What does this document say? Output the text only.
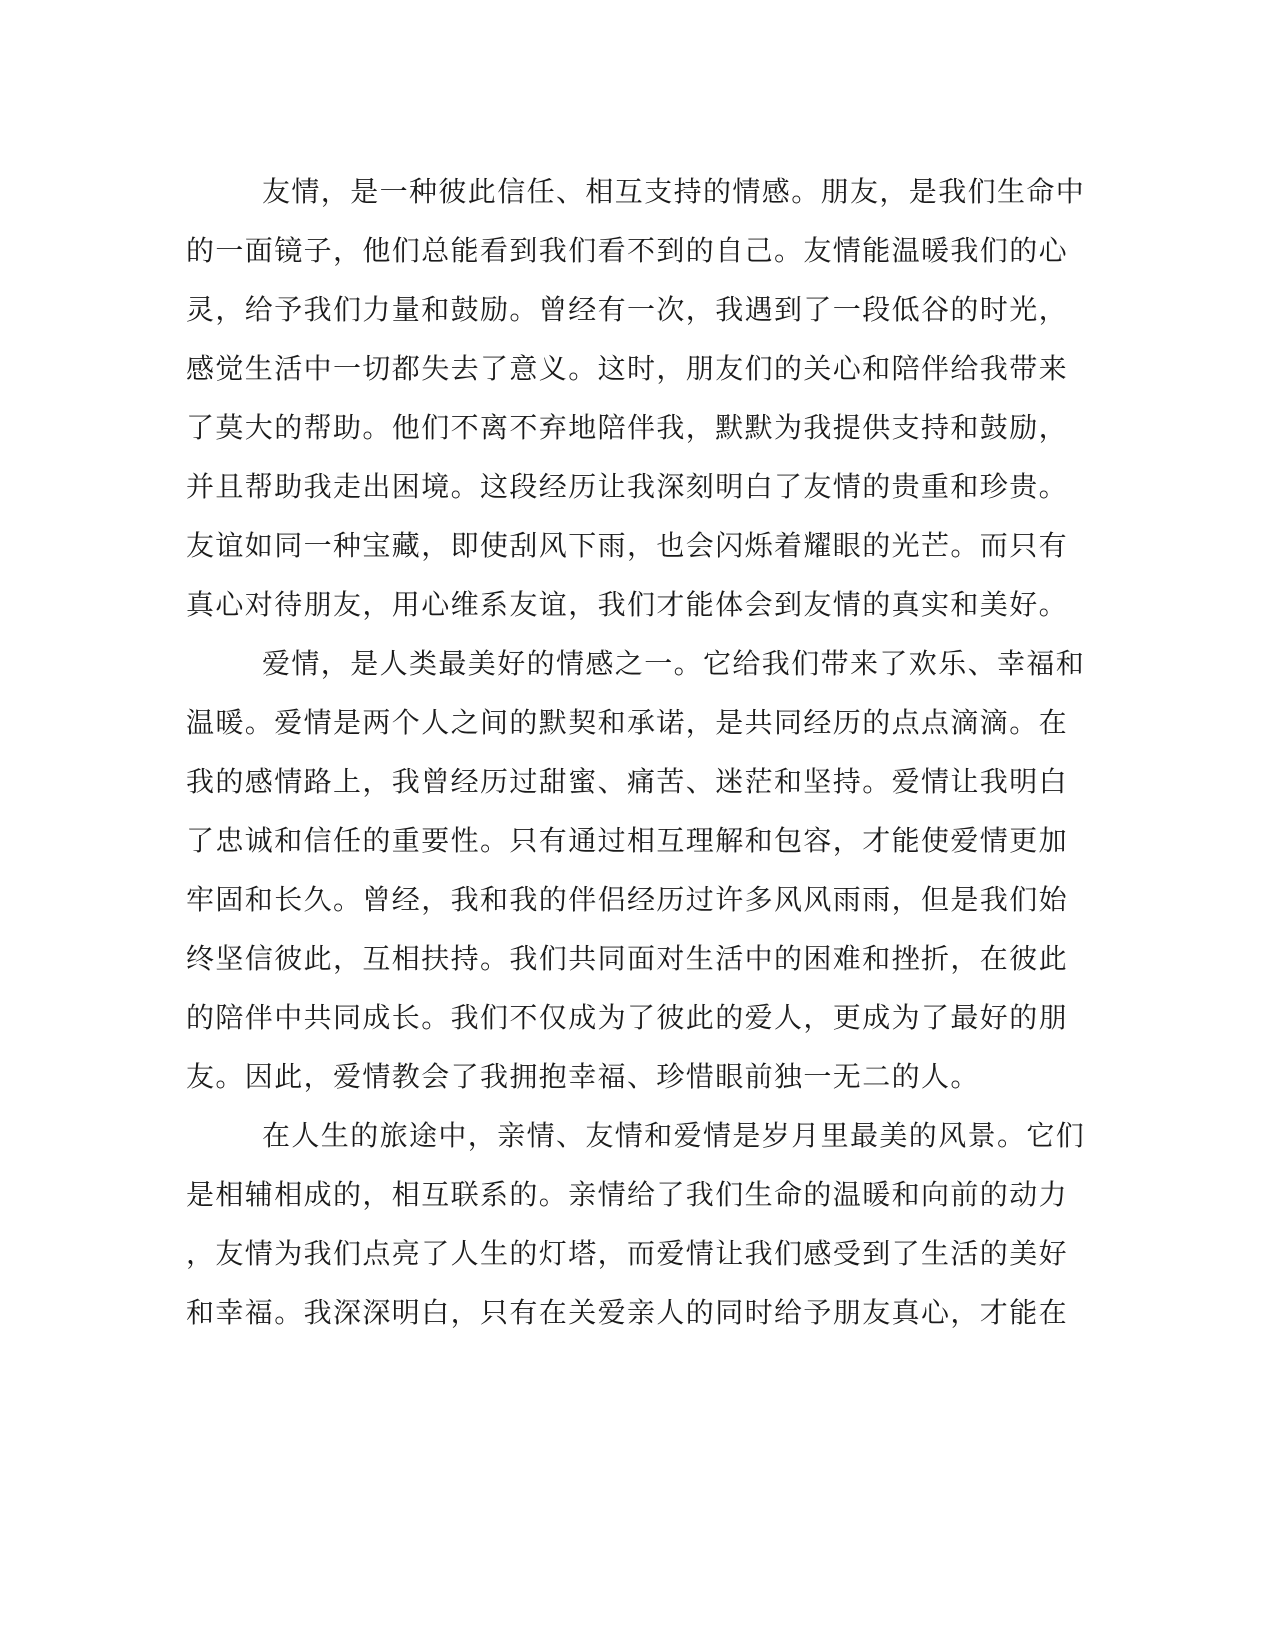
友情，是一种彼此信任、相互支持的情感。朋友，是我们生命中
的一面镜子，他们总能看到我们看不到的自己。友情能温暖我们的心
灵，给予我们力量和鼓励。曾经有一次，我遇到了一段低谷的时光，
感觉生活中一切都失去了意义。这时，朋友们的关心和陪伴给我带来
了莫大的帮助。他们不离不弃地陪伴我，默默为我提供支持和鼓励，
并且帮助我走出困境。这段经历让我深刻明白了友情的贵重和珍贵。
友谊如同一种宝藏，即使刮风下雨，也会闪烁着耀眼的光芒。而只有
真心对待朋友，用心维系友谊，我们才能体会到友情的真实和美好。
爱情，是人类最美好的情感之一。它给我们带来了欢乐、幸福和
温暖。爱情是两个人之间的默契和承诺，是共同经历的点点滴滴。在
我的感情路上，我曾经历过甜蜜、痛苦、迷茫和坚持。爱情让我明白
了忠诚和信任的重要性。只有通过相互理解和包容，才能使爱情更加
牢固和长久。曾经，我和我的伴侣经历过许多风风雨雨，但是我们始
终坚信彼此，互相扶持。我们共同面对生活中的困难和挫折，在彼此
的陪伴中共同成长。我们不仅成为了彼此的爱人，更成为了最好的朋
友。因此，爱情教会了我拥抱幸福、珍惜眼前独一无二的人。
在人生的旅途中，亲情、友情和爱情是岁月里最美的风景。它们
是相辅相成的，相互联系的。亲情给了我们生命的温暖和向前的动力
，友情为我们点亮了人生的灯塔，而爱情让我们感受到了生活的美好
和幸福。我深深明白，只有在关爱亲人的同时给予朋友真心，才能在
